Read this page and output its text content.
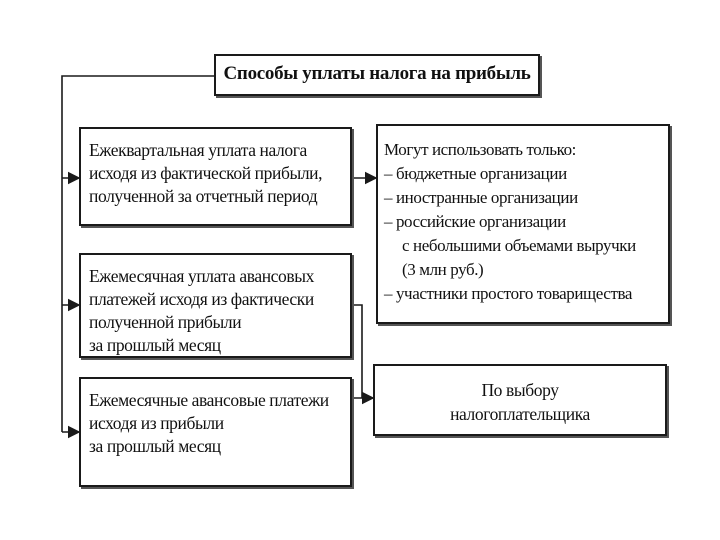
Способы уплаты налога на прибыль

Ежеквартальная уплата налога

исходя из фактической прибыли,

полученной за отчетный период

Ежемесячная уплата авансовых

платежей исходя из фактически

полученной прибыли

за прошлый месяц

Ежемесячные авансовые платежи

исходя из прибыли

за прошлый месяц

Могут использовать только:

– бюджетные организации

– иностранные организации

– российские организации

с небольшими объемами выручки

(3 млн руб.)

– участники простого товарищества

По выбору

налогоплательщика
